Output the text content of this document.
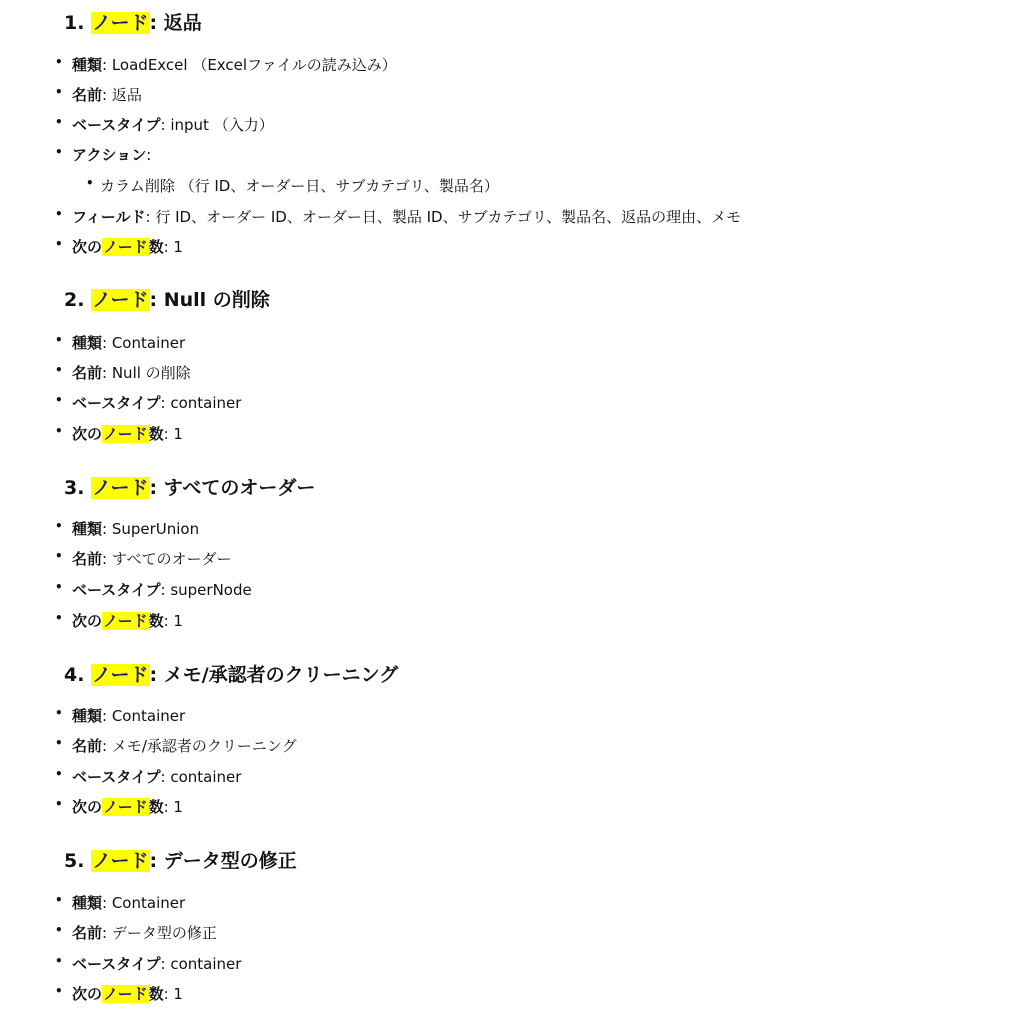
1. ノード: 返品
• 種類: LoadExcel （Excelファイルの読み込み）
• 名前: 返品
• ベースタイプ: input （入力）
• アクション:
• カラム削除 （行 ID、オーダー日、サブカテゴリ、製品名）
• フィールド: 行 ID、オーダー ID、オーダー日、製品 ID、サブカテゴリ、製品名、返品の理由、メモ
• 次のノード数: 1
2. ノード: Null の削除
• 種類: Container
• 名前: Null の削除
• ベースタイプ: container
• 次のノード数: 1
3. ノード: すべてのオーダー
• 種類: SuperUnion
• 名前: すべてのオーダー
• ベースタイプ: superNode
• 次のノード数: 1
4. ノード: メモ/承認者のクリーニング
• 種類: Container
• 名前: メモ/承認者のクリーニング
• ベースタイプ: container
• 次のノード数: 1
5. ノード: データ型の修正
• 種類: Container
• 名前: データ型の修正
• ベースタイプ: container
• 次のノード数: 1
